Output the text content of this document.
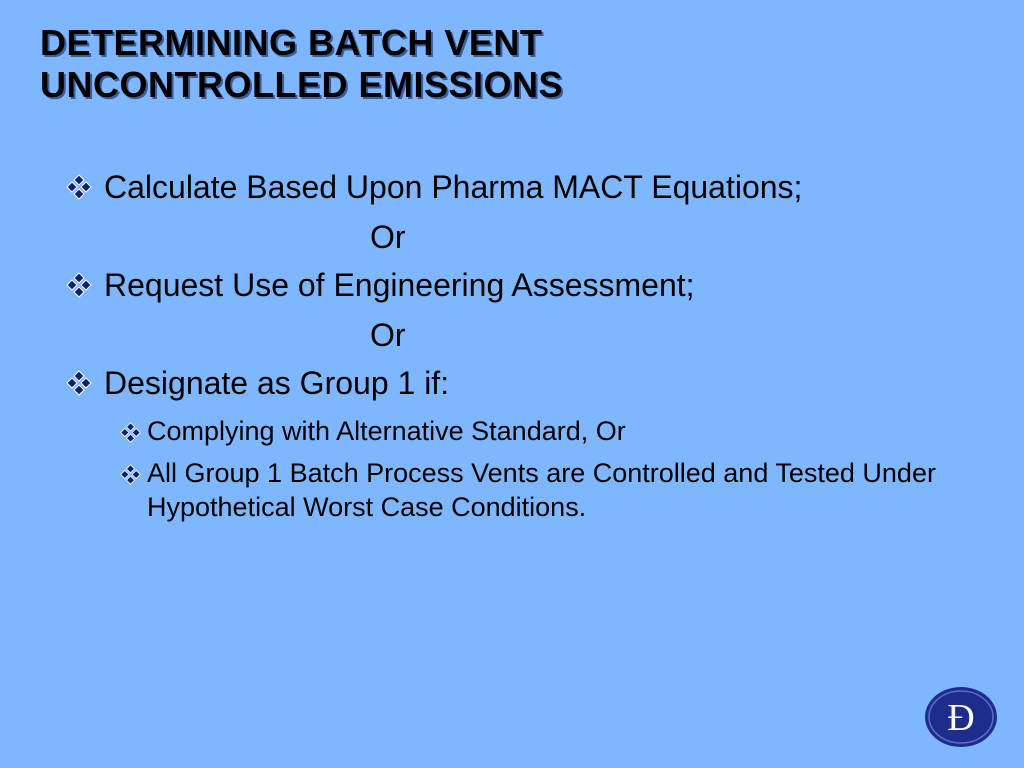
DETERMINING BATCH VENT
UNCONTROLLED EMISSIONS
Calculate Based Upon Pharma MACT Equations;
Or
Request Use of Engineering Assessment;
Or
Designate as Group 1 if:
Complying with Alternative Standard, Or
All Group 1 Batch Process Vents are Controlled and Tested Under Hypothetical Worst Case Conditions.
Đ
